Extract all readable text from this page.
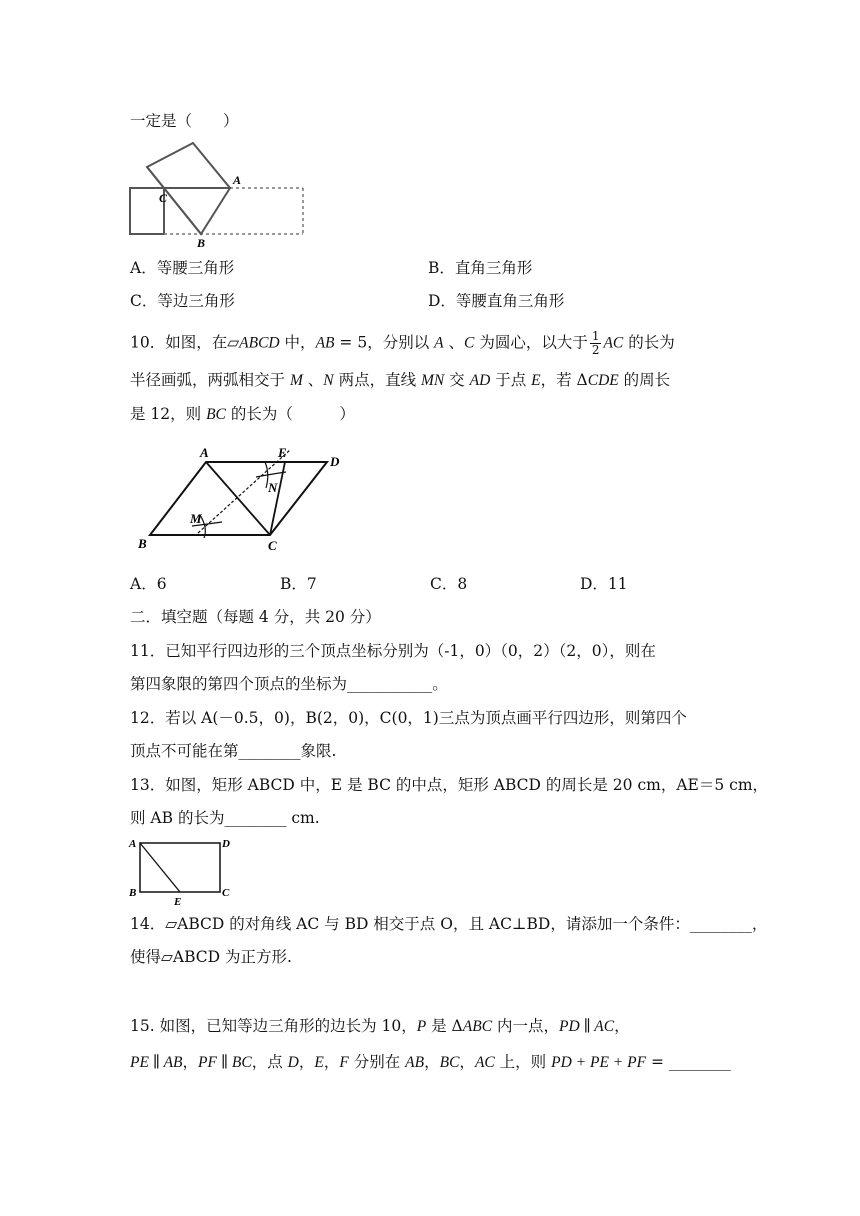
一定是（　　）
A
C
B
A．等腰三角形	B．直角三角形
C．等边三角形	D．等腰直角三角形
10．如图，在▱ABCD 中，AB = 5，分别以 A 、C 为圆心，以大于 $\frac{1}{2}$ AC 的长为
半径画弧，两弧相交于 M 、N 两点，直线 MN 交 AD 于点 E，若 ΔCDE 的周长
是 12，则 BC 的长为（　　　）
A	E
D
B	C
M
N
A．6	B．7	C．8	D．11
二．填空题（每题 4 分，共 20 分）
11．已知平行四边形的三个顶点坐标分别为（-1，0）（0，2）（2，0），则在
第四象限的第四个顶点的坐标为___________。
12．若以 A(－0.5，0)，B(2，0)，C(0，1)三点为顶点画平行四边形，则第四个
顶点不可能在第________象限.
13．如图，矩形 ABCD 中，E 是 BC 的中点，矩形 ABCD 的周长是 20 cm，AE＝5 cm，
则 AB 的长为________ cm.
A	D
B	C
E
14．▱ABCD 的对角线 AC 与 BD 相交于点 O，且 AC⊥BD，请添加一个条件：________，
使得▱ABCD 为正方形.
15. 如图，已知等边三角形的边长为 10，P 是 ΔABC 内一点，PD ∥ AC，
PE ∥ AB，PF ∥ BC，点 D，E，F 分别在 AB，BC，AC 上，则 PD + PE + PF = ________
